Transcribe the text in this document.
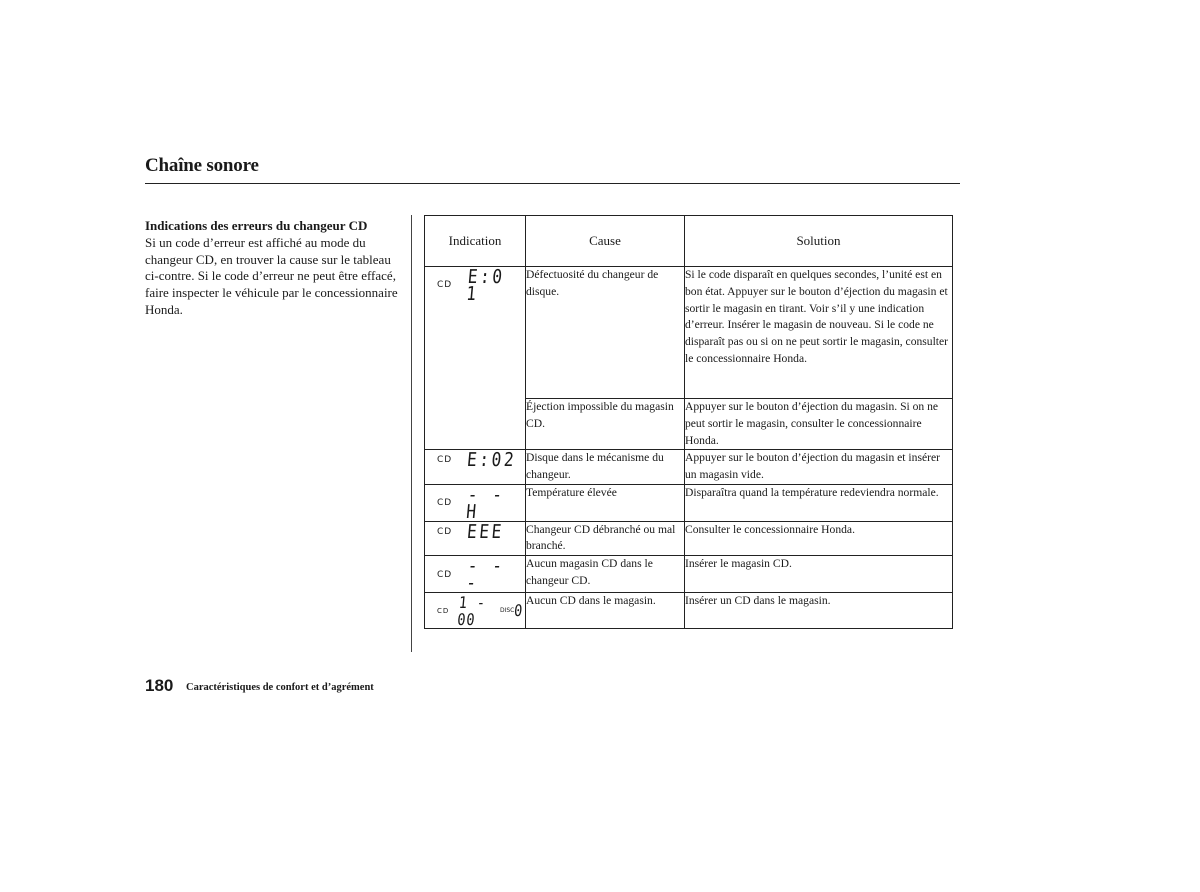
Chaîne sonore
Indications des erreurs du changeur CD
Si un code d’erreur est affiché au mode du changeur CD, en trouver la cause sur le tableau ci-contre. Si le code d’erreur ne peut être effacé, faire inspecter le véhicule par le concessionnaire Honda.
Indication	Cause	Solution

CD E:0 1	Défectuosité du changeur de disque.	Si le code disparaît en quelques secondes, l’unité est en bon état. Appuyer sur le bouton d’éjection du magasin et sortir le magasin en tirant. Voir s’il y une indication d’erreur. Insérer le magasin de nouveau. Si le code ne disparaît pas ou si on ne peut sortir le magasin, consulter le concessionnaire Honda.
	Éjection impossible du magasin CD.	Appuyer sur le bouton d’éjection du magasin. Si on ne peut sortir le magasin, consulter le concessionnaire Honda.

CD E:02	Disque dans le mécanisme du changeur.	Appuyer sur le bouton d’éjection du magasin et insérer un magasin vide.

CD - - H	Température élevée	Disparaîtra quand la température redeviendra normale.

CD EEE	Changeur CD débranché ou mal branché.	Consulter le concessionnaire Honda.

CD - - -	Aucun magasin CD dans le changeur CD.	Insérer le magasin CD.

CD 1 - 00 DISC 0	Aucun CD dans le magasin.	Insérer un CD dans le magasin.
180 Caractéristiques de confort et d’agrément
